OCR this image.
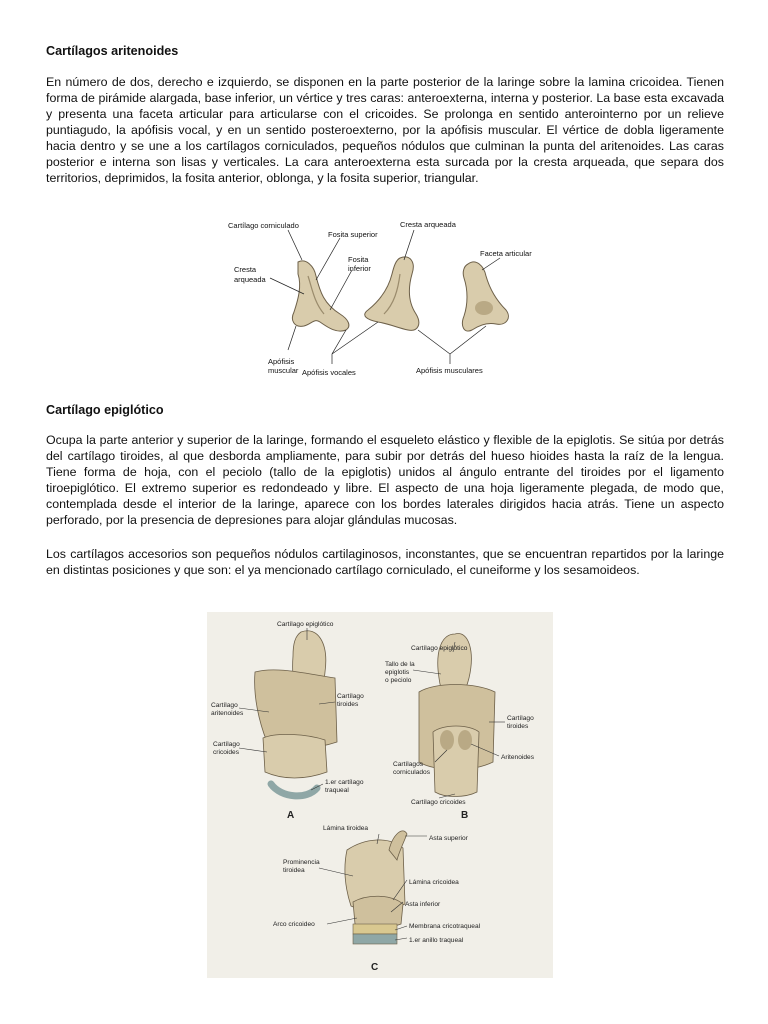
Cartílagos aritenoides

En número de dos, derecho e izquierdo, se disponen en la parte posterior de la laringe sobre la lamina cricoidea. Tienen forma de pirámide alargada, base inferior, un vértice y tres caras: anteroexterna, interna y posterior. La base esta excavada y presenta una faceta articular para articularse con el cricoides. Se prolonga en sentido anterointerno por un relieve puntiagudo, la apófisis vocal, y en un sentido posteroexterno, por la apófisis muscular. El vértice de dobla ligeramente hacia dentro y se une a los cartílagos corniculados, pequeños nódulos que culminan la punta del aritenoides. Las caras posterior e interna son lisas y verticales. La cara anteroexterna esta surcada por la cresta arqueada, que separa dos territorios, deprimidos, la fosita anterior, oblonga, y la fosita superior, triangular.

Cartílago corniculado
Fosita superior
Cresta arqueada
Faceta articular
Cresta
arqueada
Fosita
inferior
Apófisis
muscular Apófisis vocales	Apófisis musculares
Cartílago epiglótico

Ocupa la parte anterior y superior de la laringe, formando el esqueleto elástico y flexible de la epiglotis. Se sitúa por detrás del cartílago tiroides, al que desborda ampliamente, para subir por detrás del hueso hioides hasta la raíz de la lengua. Tiene forma de hoja, con el peciolo (tallo de la epiglotis) unidos al ángulo entrante del tiroides por el ligamento tiroepiglótico. El extremo superior es redondeado y libre. El aspecto de una hoja ligeramente plegada, de modo que, contemplada desde el interior de la laringe, aparece con los bordes laterales dirigidos hacia atrás. Tiene un aspecto perforado, por la presencia de depresiones para alojar glándulas mucosas.

Los cartílagos accesorios son pequeños nódulos cartilaginosos, inconstantes, que se encuentran repartidos por la laringe en distintas posiciones y que son: el ya mencionado cartílago corniculado, el cuneiforme y los sesamoideos.

Cartílago epiglótico
Cartílago
aritenoides
Cartílago
tiroides
Cartílago
cricoides
1.er cartílago
traqueal
Cartílago epiglótico
Tallo de la
epiglotis
o peciolo
Cartílago
tiroides
Aritenoides
Cartílagos
corniculados
Cartílago cricoides
Lámina tiroidea
Asta superior
Prominencia
tiroidea
Lámina cricoidea
Asta inferior
Arco cricoideo	Membrana cricotraqueal
1.er anillo traqueal
A	B
C
